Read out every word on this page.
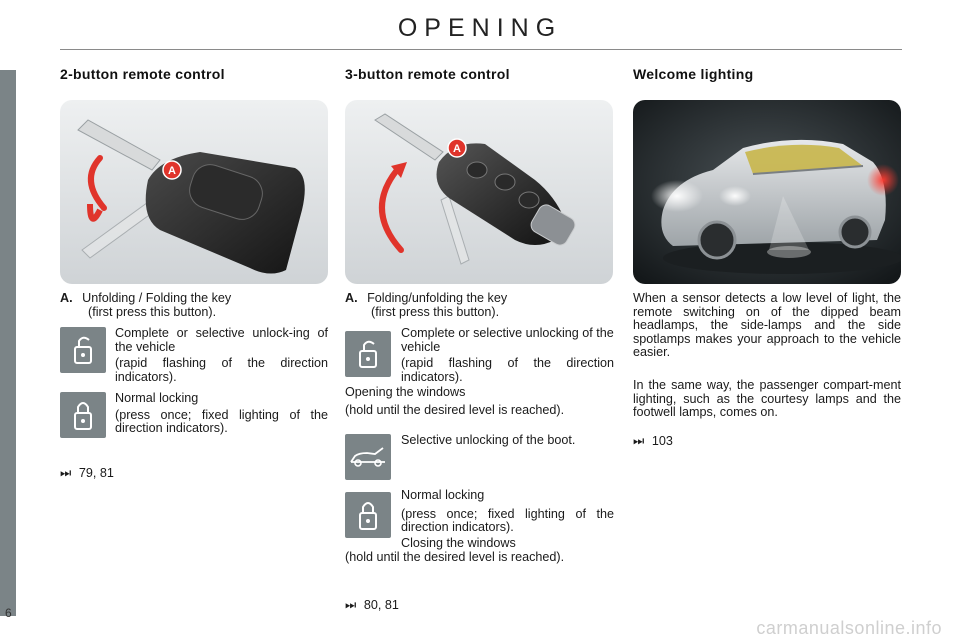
OPENING
2-button remote control
A
A. Unfolding / Folding the key
(first press this button).
Complete or selective unlock-ing of the vehicle
(rapid flashing of the direction indicators).
Normal locking
(press once; fixed lighting of the direction indicators).
⏭ 79, 81
3-button remote control
A
A. Folding/unfolding the key
(first press this button).
Complete or selective unlocking of the vehicle
(rapid flashing of the direction indicators).
Opening the windows
(hold until the desired level is reached).
Selective unlocking of the boot.
Normal locking
(press once; fixed lighting of the direction indicators).
Closing the windows
(hold until the desired level is reached).
⏭ 80, 81
Welcome lighting
When a sensor detects a low level of light, the remote switching on of the dipped beam headlamps, the side-lamps and the side spotlamps makes your approach to the vehicle easier.
In the same way, the passenger compart-ment lighting, such as the courtesy lamps and the footwell lamps, comes on.
⏭ 103
6
carmanualsonline.info
